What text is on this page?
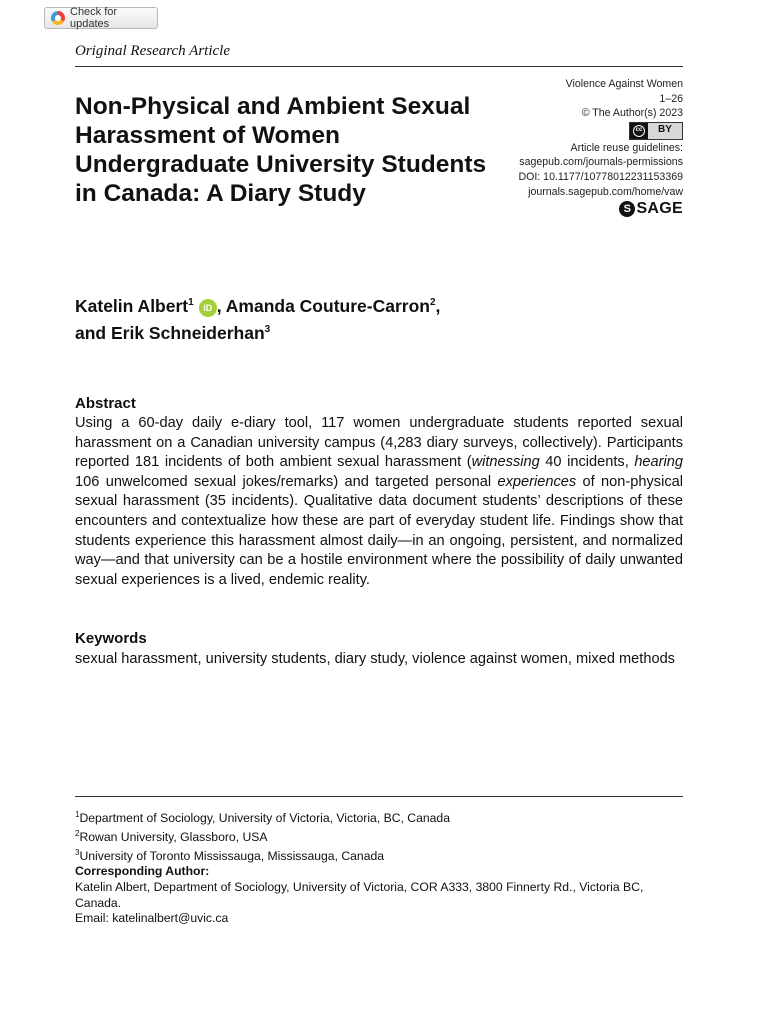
Check for updates
Original Research Article
Non-Physical and Ambient Sexual Harassment of Women Undergraduate University Students in Canada: A Diary Study
Violence Against Women
1–26
© The Author(s) 2023
cc	BY
Article reuse guidelines:
sagepub.com/journals-permissions
DOI: 10.1177/10778012231153369
journals.sagepub.com/home/vaw
S SAGE
Katelin Albert$^1$ iD , Amanda Couture-Carron$^2$,
and Erik Schneiderhan$^3$
Abstract

Using a 60-day daily e-diary tool, 117 women undergraduate students reported sexual harassment on a Canadian university campus (4,283 diary surveys, collectively). Participants reported 181 incidents of both ambient sexual harassment (witnessing 40 incidents, hearing 106 unwelcomed sexual jokes/remarks) and targeted personal experiences of non-physical sexual harassment (35 incidents). Qualitative data document students’ descriptions of these encounters and contextualize how these are part of everyday student life. Findings show that students experience this harassment almost daily—in an ongoing, persistent, and normalized way—and that university can be a hostile environment where the possibility of daily unwanted sexual experiences is a lived, endemic reality.

Keywords

sexual harassment, university students, diary study, violence against women, mixed methods

$^1$Department of Sociology, University of Victoria, Victoria, BC, Canada
$^2$Rowan University, Glassboro, USA
$^3$University of Toronto Mississauga, Mississauga, Canada
Corresponding Author:
Katelin Albert, Department of Sociology, University of Victoria, COR A333, 3800 Finnerty Rd., Victoria BC, Canada.
Email: katelinalbert@uvic.ca
